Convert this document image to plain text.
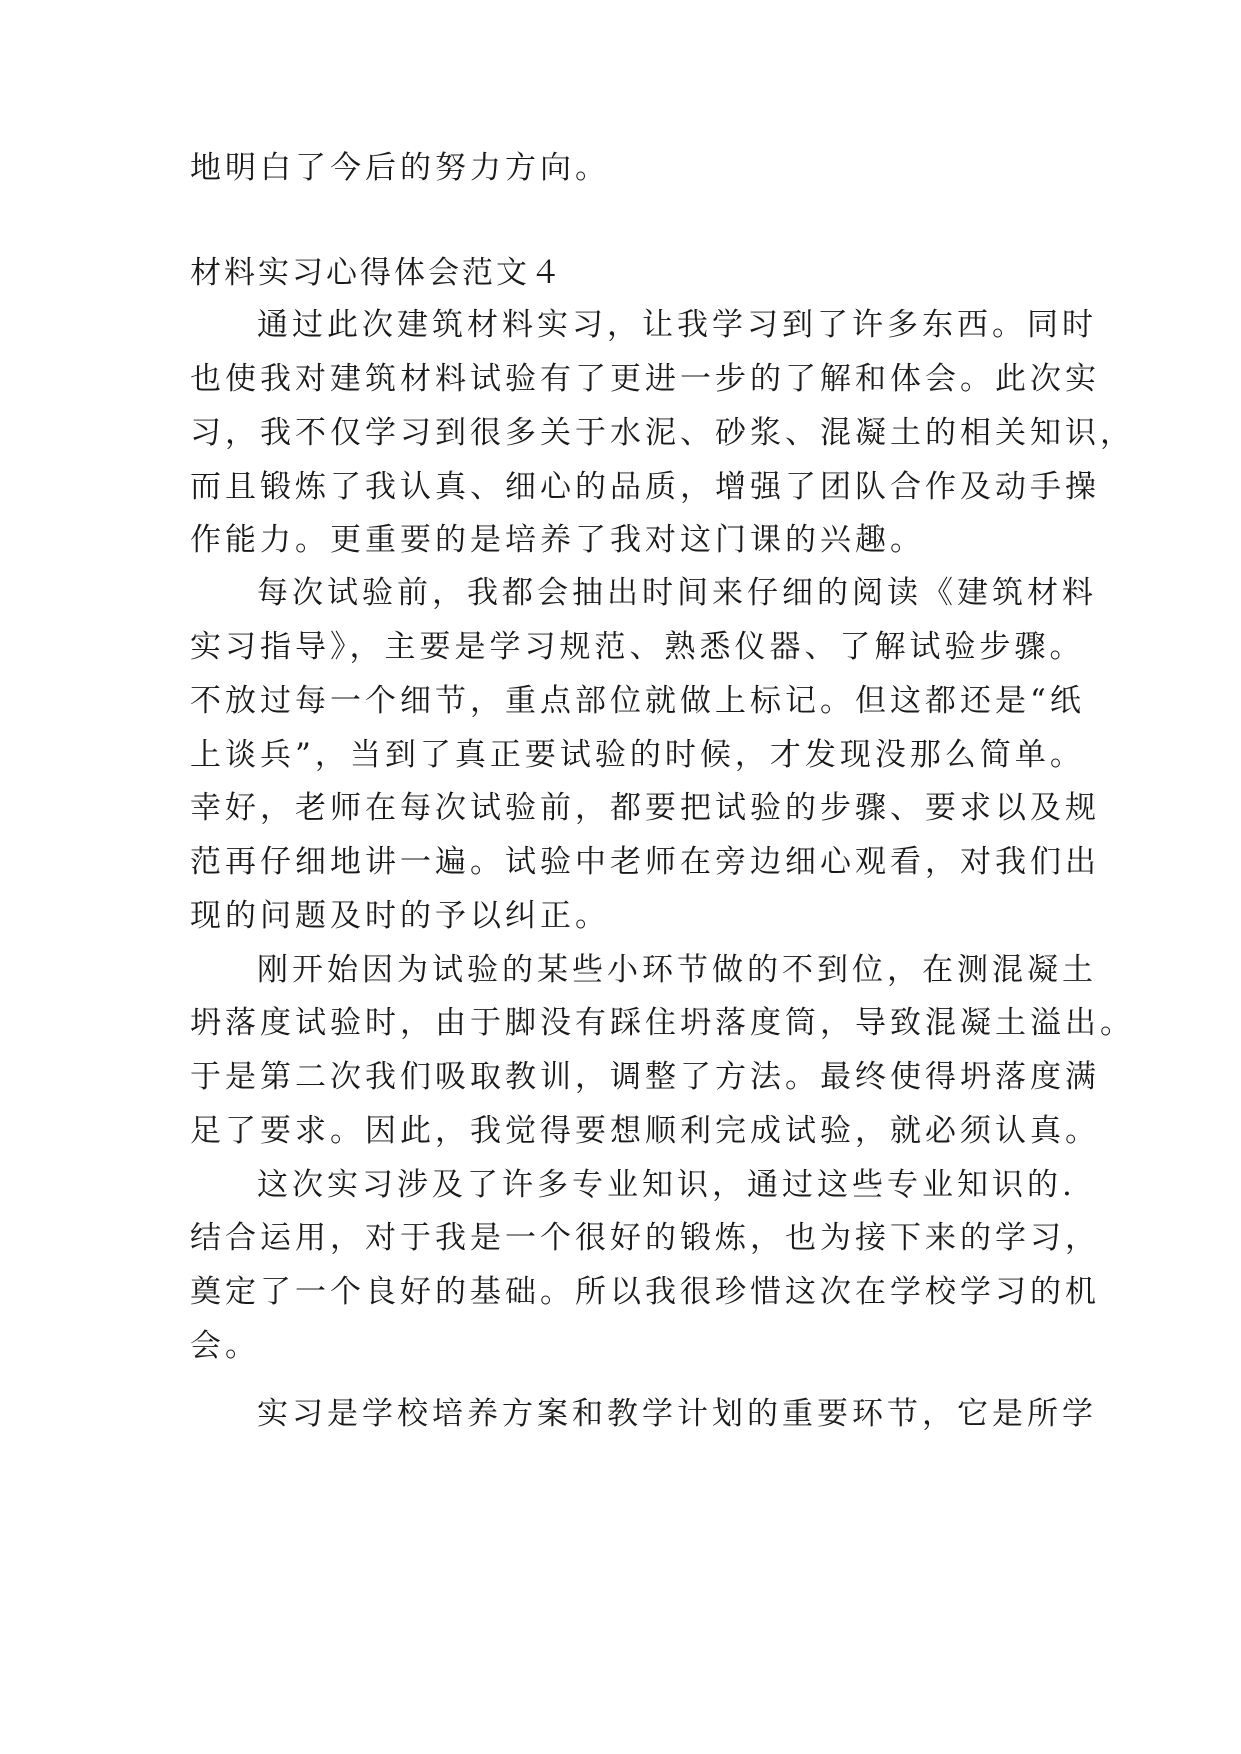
地明白了今后的努力方向。

材料实习心得体会范文４

通过此次建筑材料实习，让我学习到了许多东西。同时

也使我对建筑材料试验有了更进一步的了解和体会。此次实

习，我不仅学习到很多关于水泥、砂浆、混凝土的相关知识，

而且锻炼了我认真、细心的品质，增强了团队合作及动手操

作能力。更重要的是培养了我对这门课的兴趣。

每次试验前，我都会抽出时间来仔细的阅读《建筑材料

实习指导》，主要是学习规范、熟悉仪器、了解试验步骤。

不放过每一个细节，重点部位就做上标记。但这都还是“纸

上谈兵”，当到了真正要试验的时候，才发现没那么简单。

幸好，老师在每次试验前，都要把试验的步骤、要求以及规

范再仔细地讲一遍。试验中老师在旁边细心观看，对我们出

现的问题及时的予以纠正。

刚开始因为试验的某些小环节做的不到位，在测混凝土

坍落度试验时，由于脚没有踩住坍落度筒，导致混凝土溢出。

于是第二次我们吸取教训，调整了方法。最终使得坍落度满

足了要求。因此，我觉得要想顺利完成试验，就必须认真。

这次实习涉及了许多专业知识，通过这些专业知识的.

结合运用，对于我是一个很好的锻炼，也为接下来的学习，

奠定了一个良好的基础。所以我很珍惜这次在学校学习的机

会。

实习是学校培养方案和教学计划的重要环节，它是所学
